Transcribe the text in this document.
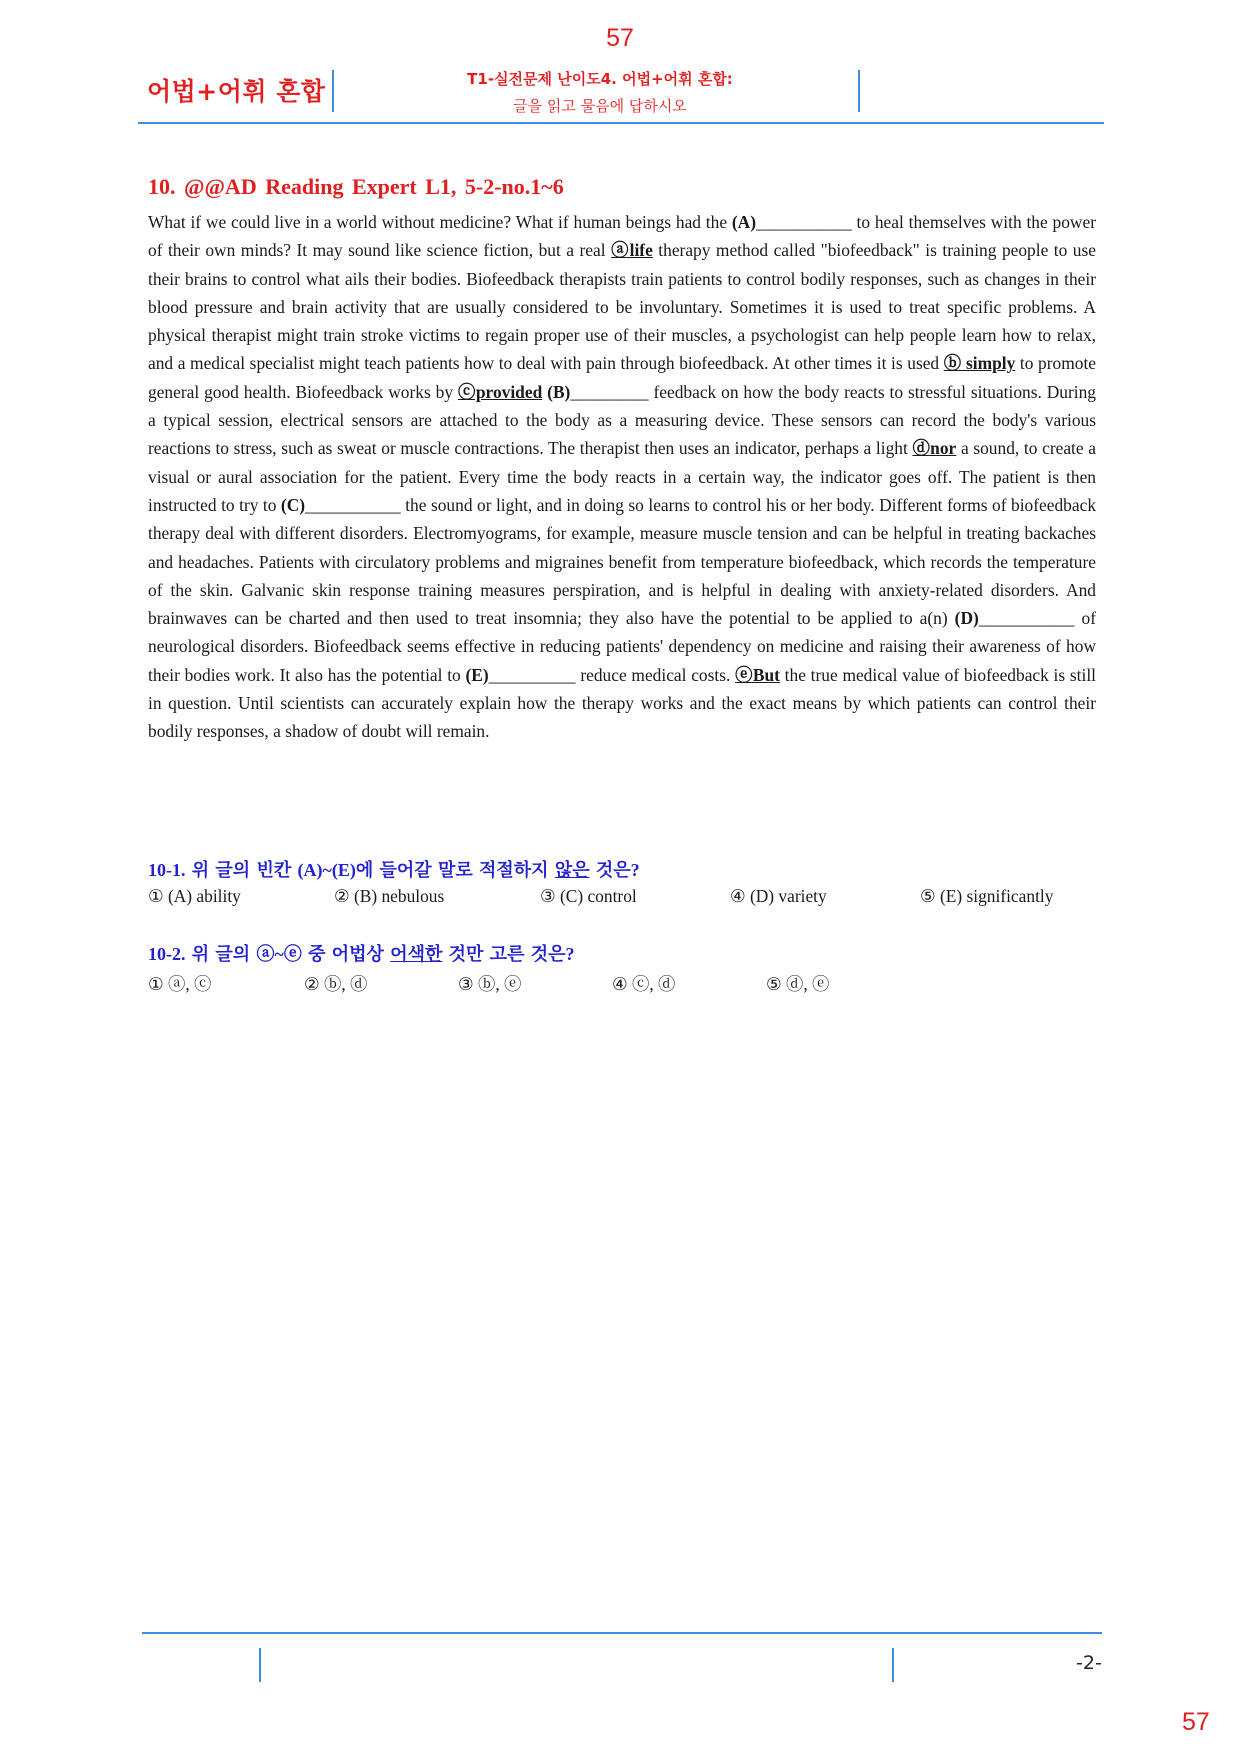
57
어법+어휘 혼합	T1-실전문제 난이도4. 어법+어휘 혼합:
글을 읽고 물음에 답하시오
10. @@AD Reading Expert L1, 5-2-no.1~6

What if we could live in a world without medicine? What if human beings had the (A)___________ to heal themselves with the power of their own minds? It may sound like science fiction, but a real ⓐlife therapy method called "biofeedback" is training people to use their brains to control what ails their bodies. Biofeedback therapists train patients to control bodily responses, such as changes in their blood pressure and brain activity that are usually considered to be involuntary. Sometimes it is used to treat specific problems. A physical therapist might train stroke victims to regain proper use of their muscles, a psychologist can help people learn how to relax, and a medical specialist might teach patients how to deal with pain through biofeedback. At other times it is used ⓑ simply to promote general good health. Biofeedback works by ⓒprovided (B)_________ feedback on how the body reacts to stressful situations. During a typical session, electrical sensors are attached to the body as a measuring device. These sensors can record the body's various reactions to stress, such as sweat or muscle contractions. The therapist then uses an indicator, perhaps a light ⓓnor a sound, to create a visual or aural association for the patient. Every time the body reacts in a certain way, the indicator goes off. The patient is then instructed to try to (C)___________ the sound or light, and in doing so learns to control his or her body. Different forms of biofeedback therapy deal with different disorders. Electromyograms, for example, measure muscle tension and can be helpful in treating backaches and headaches. Patients with circulatory problems and migraines benefit from temperature biofeedback, which records the temperature of the skin. Galvanic skin response training measures perspiration, and is helpful in dealing with anxiety-related disorders. And brainwaves can be charted and then used to treat insomnia; they also have the potential to be applied to a(n) (D)___________ of neurological disorders. Biofeedback seems effective in reducing patients' dependency on medicine and raising their awareness of how their bodies work. It also has the potential to (E)__________ reduce medical costs. ⓔBut the true medical value of biofeedback is still in question. Until scientists can accurately explain how the therapy works and the exact means by which patients can control their bodily responses, a shadow of doubt will remain.

10-1. 위 글의 빈칸 (A)~(E)에 들어갈 말로 적절하지 않은 것은?
① (A) ability	② (B) nebulous	③ (C) control	④ (D) variety	⑤ (E) significantly
10-2. 위 글의 ⓐ~ⓔ 중 어법상 어색한 것만 고른 것은?
① ⓐ, ⓒ	② ⓑ, ⓓ	③ ⓑ, ⓔ	④ ⓒ, ⓓ	⑤ ⓓ, ⓔ
-2-
57
